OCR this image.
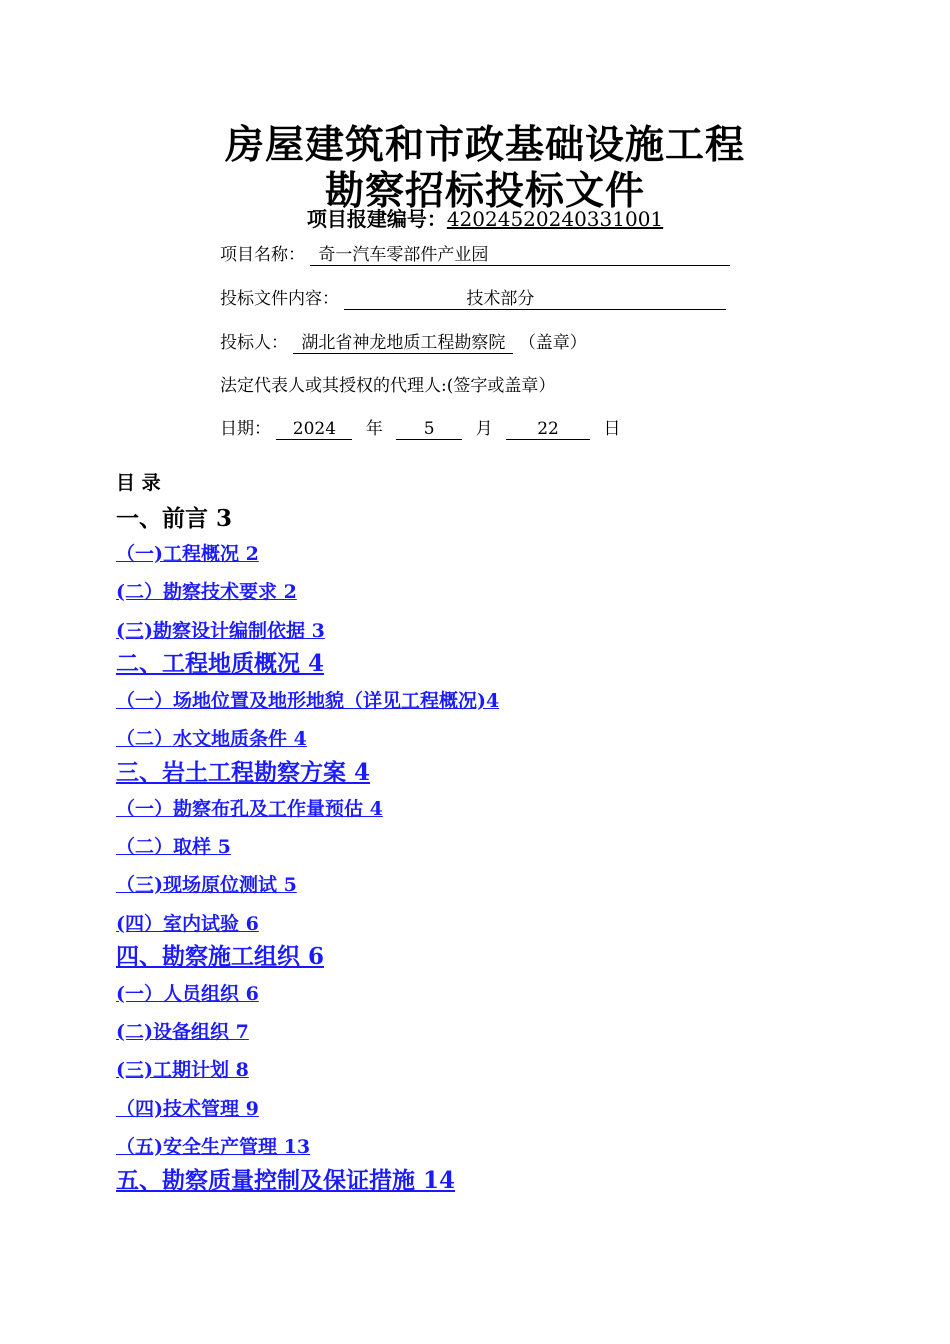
房屋建筑和市政基础设施工程
勘察招标投标文件
项目报建编号：42024520240331001
项目名称： 奇一汽车零部件产业园
投标文件内容：	技术部分
投标人： 湖北省神龙地质工程勘察院 （盖章）
法定代表人或其授权的代理人:(签字或盖章）
日期： 2024 年 5 月	22	日
目 录
一、前言 3
（一)工程概况 2
(二）勘察技术要求 2
(三)勘察设计编制依据 3
二、工程地质概况 4
（一）场地位置及地形地貌（详见工程概况)4
（二）水文地质条件 4
三、岩土工程勘察方案 4
（一）勘察布孔及工作量预估 4
（二）取样 5
（三)现场原位测试 5
(四）室内试验 6
四、勘察施工组织 6
(一）人员组织 6
(二)设备组织 7
(三)工期计划 8
（四)技术管理 9
（五)安全生产管理 13
五、勘察质量控制及保证措施 14
